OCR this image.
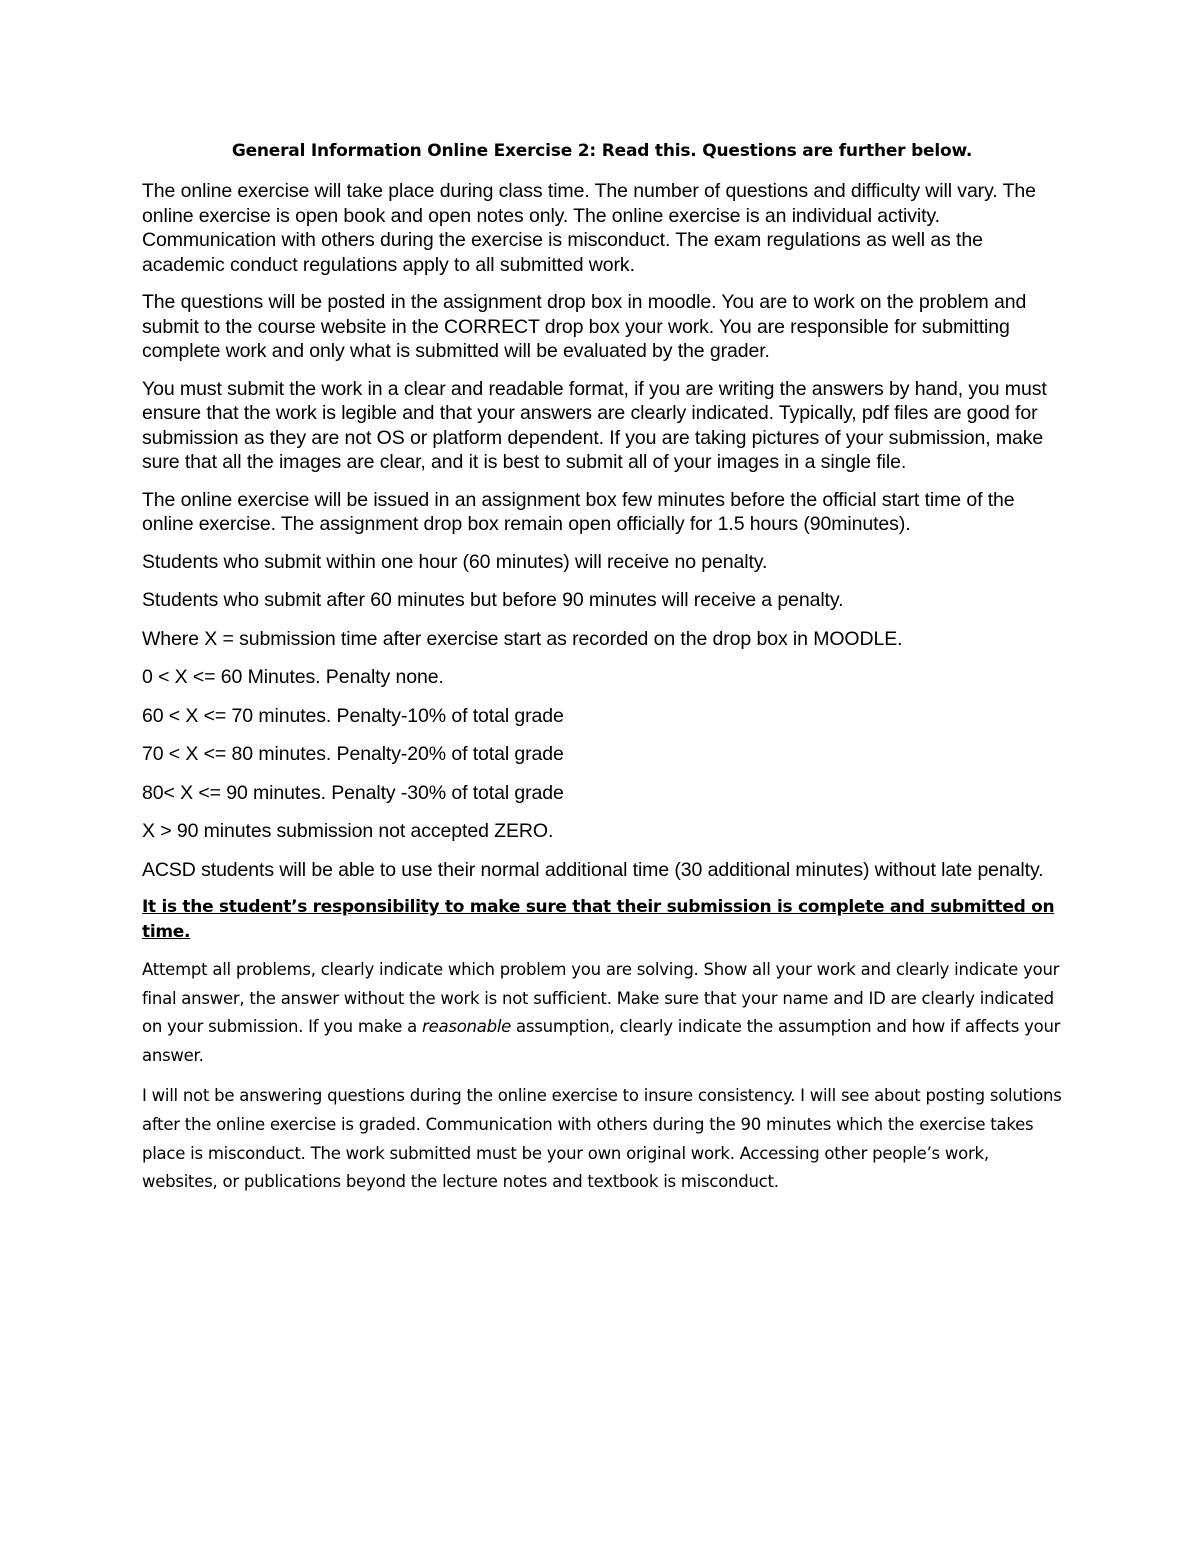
General Information Online Exercise 2: Read this. Questions are further below.

The online exercise will take place during class time. The number of questions and difficulty will vary. The online exercise is open book and open notes only. The online exercise is an individual activity. Communication with others during the exercise is misconduct. The exam regulations as well as the academic conduct regulations apply to all submitted work.

The questions will be posted in the assignment drop box in moodle. You are to work on the problem and submit to the course website in the CORRECT drop box your work. You are responsible for submitting complete work and only what is submitted will be evaluated by the grader.

You must submit the work in a clear and readable format, if you are writing the answers by hand, you must ensure that the work is legible and that your answers are clearly indicated. Typically, pdf files are good for submission as they are not OS or platform dependent. If you are taking pictures of your submission, make sure that all the images are clear, and it is best to submit all of your images in a single file.

The online exercise will be issued in an assignment box few minutes before the official start time of the online exercise. The assignment drop box remain open officially for 1.5 hours (90minutes).

Students who submit within one hour (60 minutes) will receive no penalty.

Students who submit after 60 minutes but before 90 minutes will receive a penalty.

Where X = submission time after exercise start as recorded on the drop box in MOODLE.

0 < X <= 60 Minutes. Penalty none.

60 < X <= 70 minutes. Penalty-10% of total grade

70 < X <= 80 minutes. Penalty-20% of total grade

80< X <= 90 minutes. Penalty -30% of total grade

X > 90 minutes submission not accepted ZERO.

ACSD students will be able to use their normal additional time (30 additional minutes) without late penalty.

It is the student’s responsibility to make sure that their submission is complete and submitted on time.

Attempt all problems, clearly indicate which problem you are solving. Show all your work and clearly indicate your final answer, the answer without the work is not sufficient. Make sure that your name and ID are clearly indicated on your submission. If you make a reasonable assumption, clearly indicate the assumption and how if affects your answer.

I will not be answering questions during the online exercise to insure consistency. I will see about posting solutions after the online exercise is graded. Communication with others during the 90 minutes which the exercise takes place is misconduct. The work submitted must be your own original work. Accessing other people’s work, websites, or publications beyond the lecture notes and textbook is misconduct.
